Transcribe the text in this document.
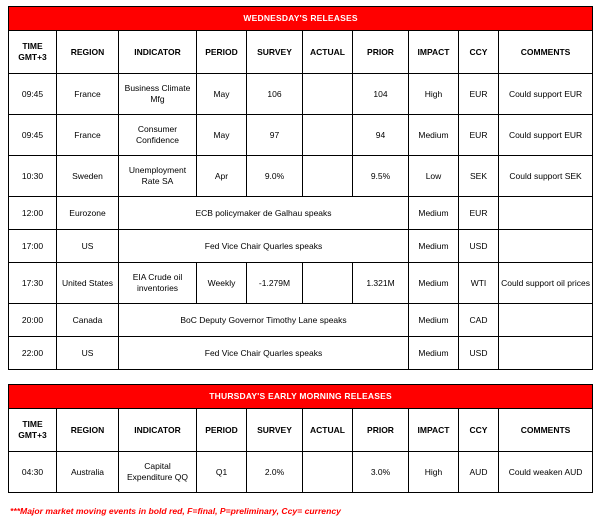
WEDNESDAY'S RELEASES									

TIME
GMT+3	REGION	INDICATOR	PERIOD	SURVEY	ACTUAL	PRIOR	IMPACT	CCY	COMMENTS
09:45	France	Business Climate Mfg	May	106		104	High	EUR	Could support EUR
09:45	France	Consumer Confidence	May	97		94	Medium	EUR	Could support EUR
10:30	Sweden	Unemployment Rate SA	Apr	9.0%		9.5%	Low	SEK	Could support SEK
12:00	Eurozone	ECB policymaker de Galhau speaks					Medium	EUR	
17:00	US	Fed Vice Chair Quarles speaks					Medium	USD	
17:30	United States	EIA Crude oil inventories	Weekly	-1.279M		1.321M	Medium	WTI	Could support oil prices
20:00	Canada	BoC Deputy Governor Timothy Lane speaks					Medium	CAD	
22:00	US	Fed Vice Chair Quarles speaks					Medium	USD	
THURSDAY'S EARLY MORNING RELEASES									

TIME
GMT+3	REGION	INDICATOR	PERIOD	SURVEY	ACTUAL	PRIOR	IMPACT	CCY	COMMENTS
04:30	Australia	Capital Expenditure QQ	Q1	2.0%		3.0%	High	AUD	Could weaken AUD
***Major market moving events in bold red, F=final, P=preliminary, Ccy= currency
